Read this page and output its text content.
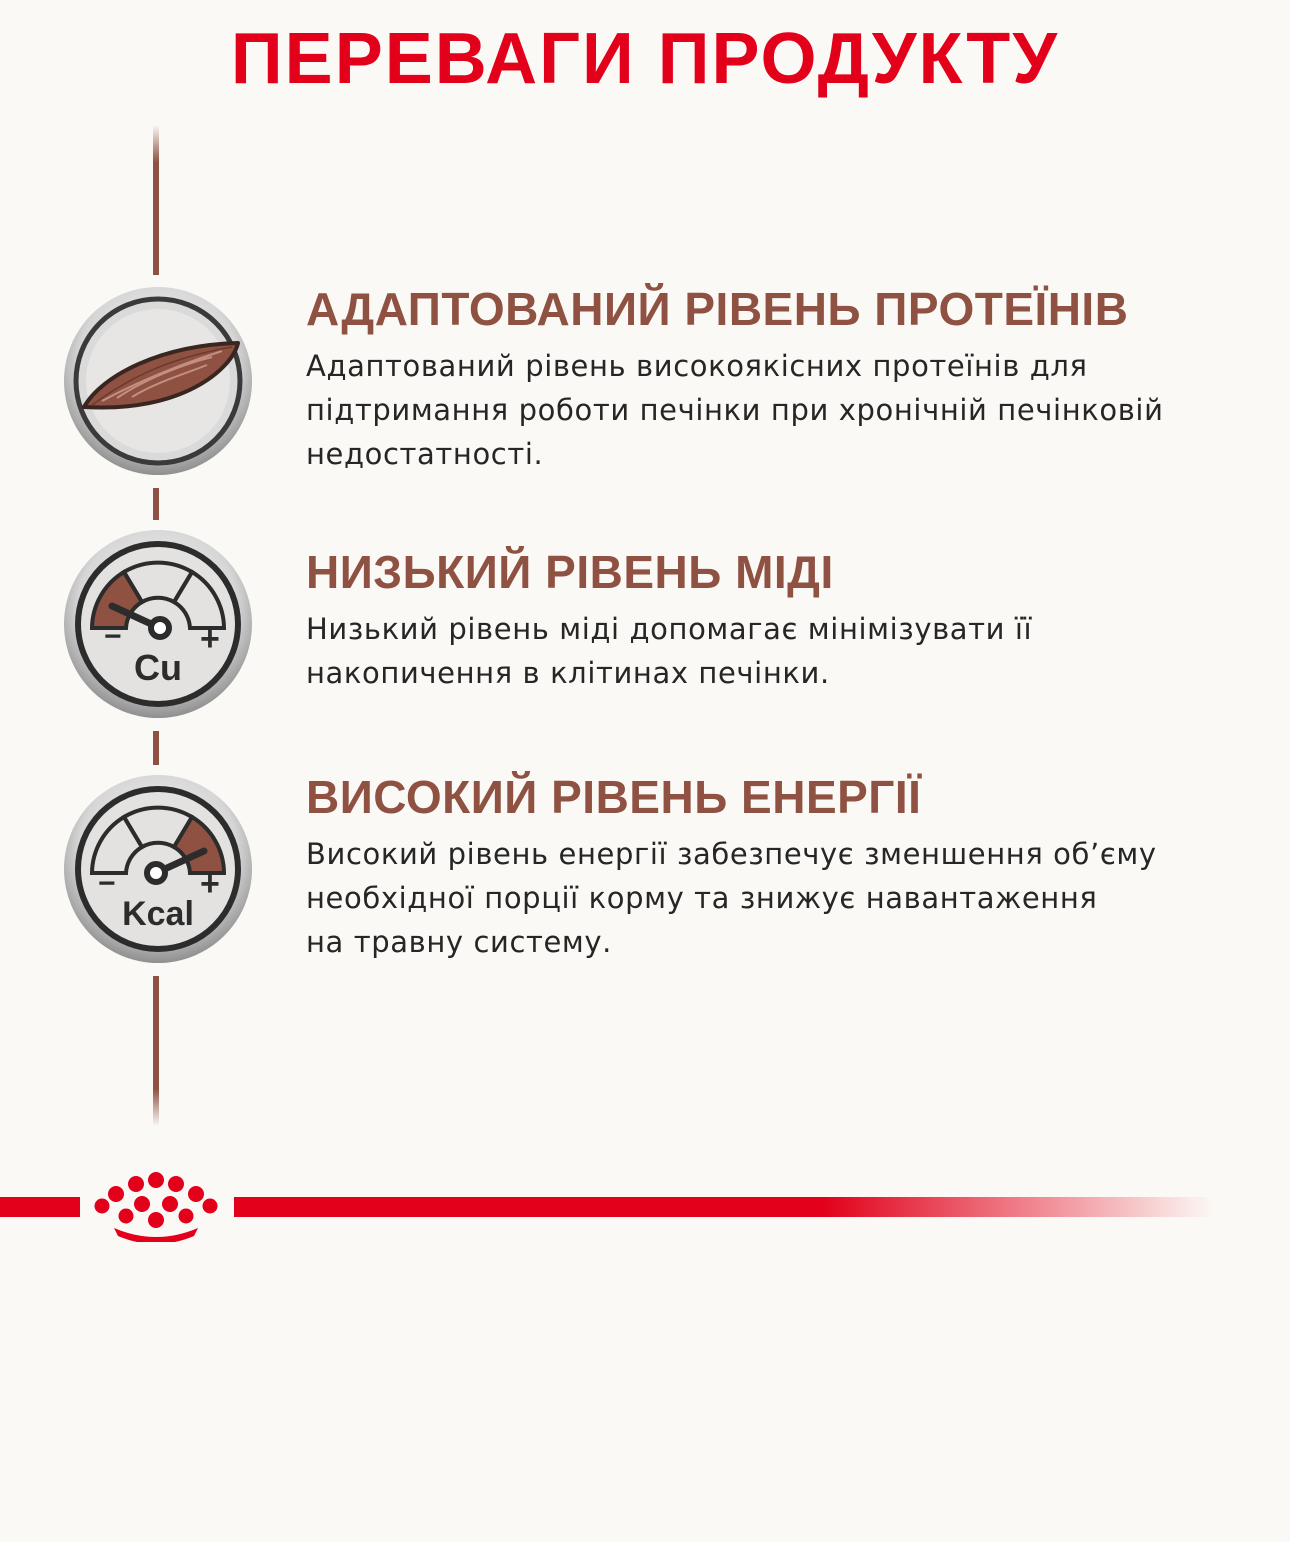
ПЕРЕВАГИ ПРОДУКТУ
− +
Cu
− +
Kcal
АДАПТОВАНИЙ РІВЕНЬ ПРОТЕЇНІВ

Адаптований рівень високоякісних протеїнів для
підтримання роботи печінки при хронічній печінковій
недостатності.

НИЗЬКИЙ РІВЕНЬ МІДІ

Низький рівень міді допомагає мінімізувати її
накопичення в клітинах печінки.

ВИСОКИЙ РІВЕНЬ ЕНЕРГІЇ

Високий рівень енергії забезпечує зменшення об’єму
необхідної порції корму та знижує навантаження
на травну систему.
